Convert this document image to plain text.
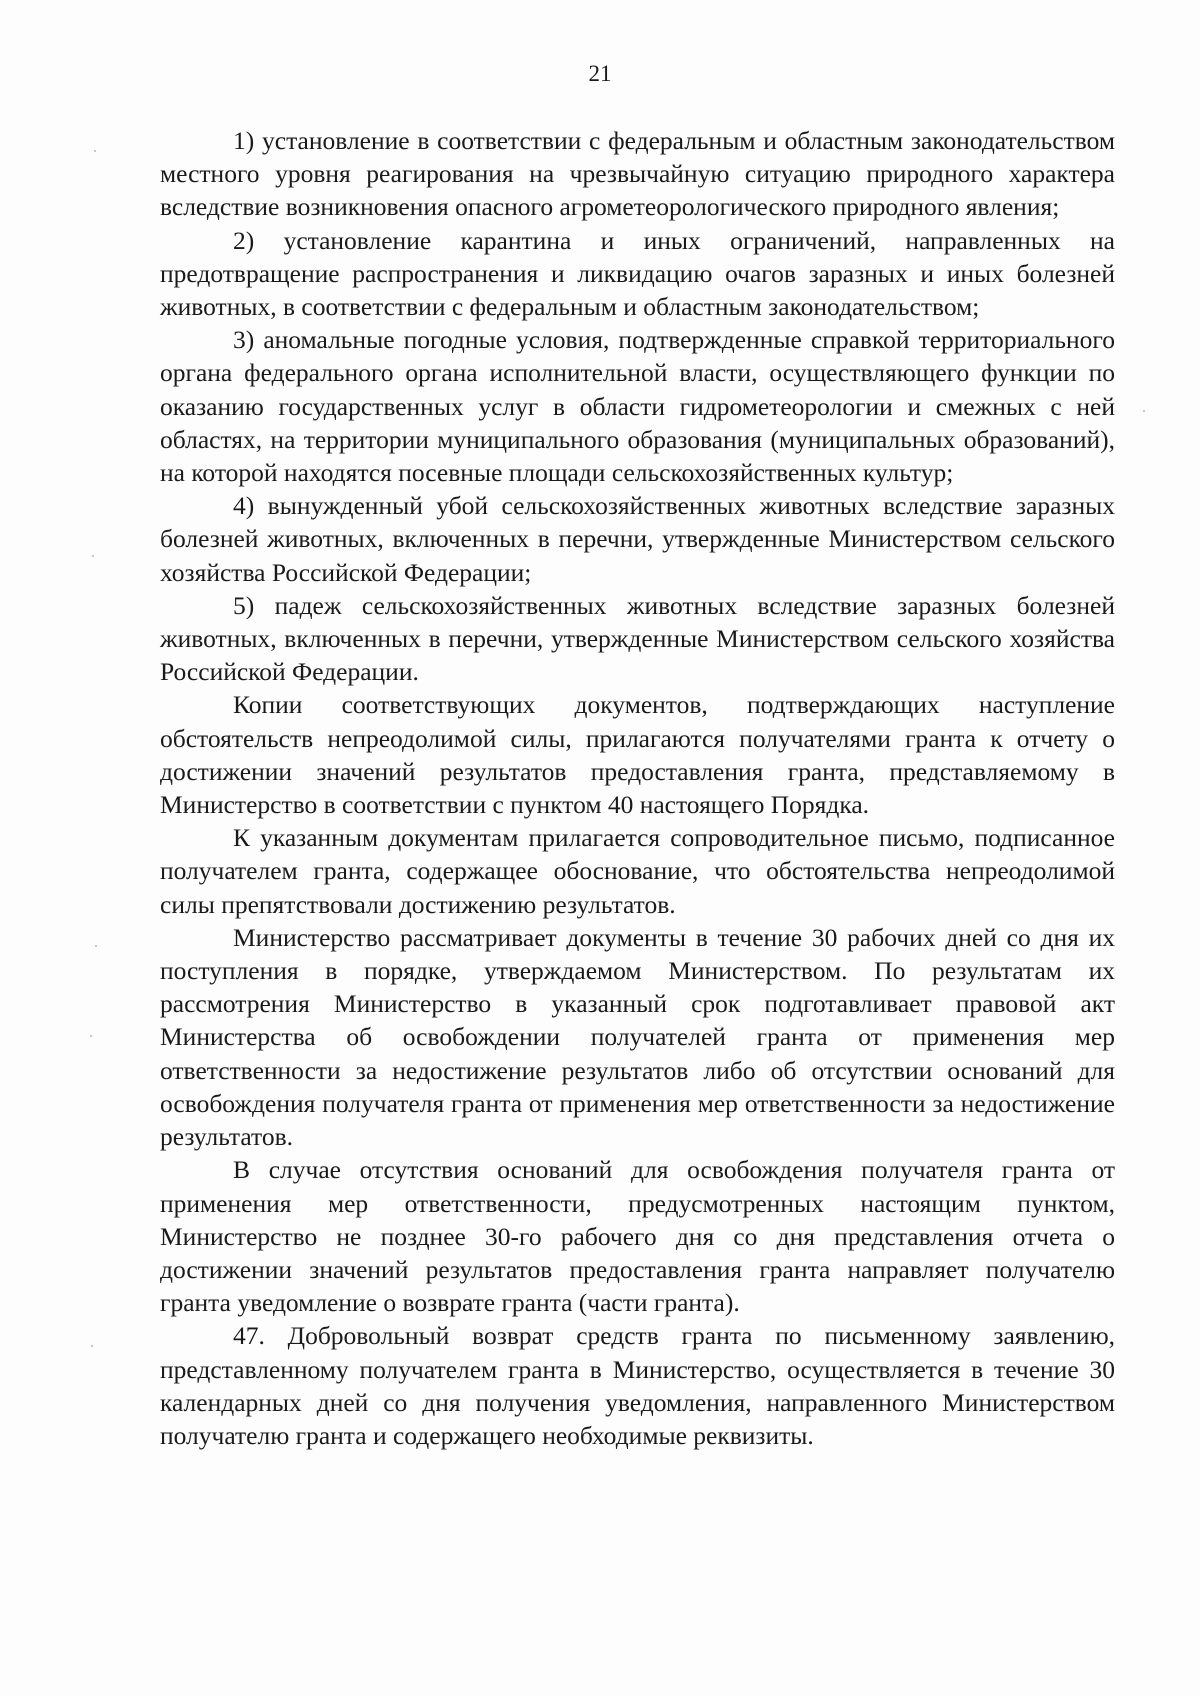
21

1) установление в соответствии с федеральным и областным законодательством местного уровня реагирования на чрезвычайную ситуацию природного характера вследствие возникновения опасного агрометеорологического природного явления;

2) установление карантина и иных ограничений, направленных на предотвращение распространения и ликвидацию очагов заразных и иных болезней животных, в соответствии с федеральным и областным законодательством;

3) аномальные погодные условия, подтвержденные справкой территориального органа федерального органа исполнительной власти, осуществляющего функции по оказанию государственных услуг в области гидрометеорологии и смежных с ней областях, на территории муниципального образования (муниципальных образований), на которой находятся посевные площади сельскохозяйственных культур;

4) вынужденный убой сельскохозяйственных животных вследствие заразных болезней животных, включенных в перечни, утвержденные Министерством сельского хозяйства Российской Федерации;

5) падеж сельскохозяйственных животных вследствие заразных болезней животных, включенных в перечни, утвержденные Министерством сельского хозяйства Российской Федерации.

Копии соответствующих документов, подтверждающих наступление обстоятельств непреодолимой силы, прилагаются получателями гранта к отчету о достижении значений результатов предоставления гранта, представляемому в Министерство в соответствии с пунктом 40 настоящего Порядка.

К указанным документам прилагается сопроводительное письмо, подписанное получателем гранта, содержащее обоснование, что обстоятельства непреодолимой силы препятствовали достижению результатов.

Министерство рассматривает документы в течение 30 рабочих дней со дня их поступления в порядке, утверждаемом Министерством. По результатам их рассмотрения Министерство в указанный срок подготавливает правовой акт Министерства об освобождении получателей гранта от применения мер ответственности за недостижение результатов либо об отсутствии оснований для освобождения получателя гранта от применения мер ответственности за недостижение результатов.

В случае отсутствия оснований для освобождения получателя гранта от применения мер ответственности, предусмотренных настоящим пунктом, Министерство не позднее 30-го рабочего дня со дня представления отчета о достижении значений результатов предоставления гранта направляет получателю гранта уведомление о возврате гранта (части гранта).

47. Добровольный возврат средств гранта по письменному заявлению, представленному получателем гранта в Министерство, осуществляется в течение 30 календарных дней со дня получения уведомления, направленного Министерством получателю гранта и содержащего необходимые реквизиты.
